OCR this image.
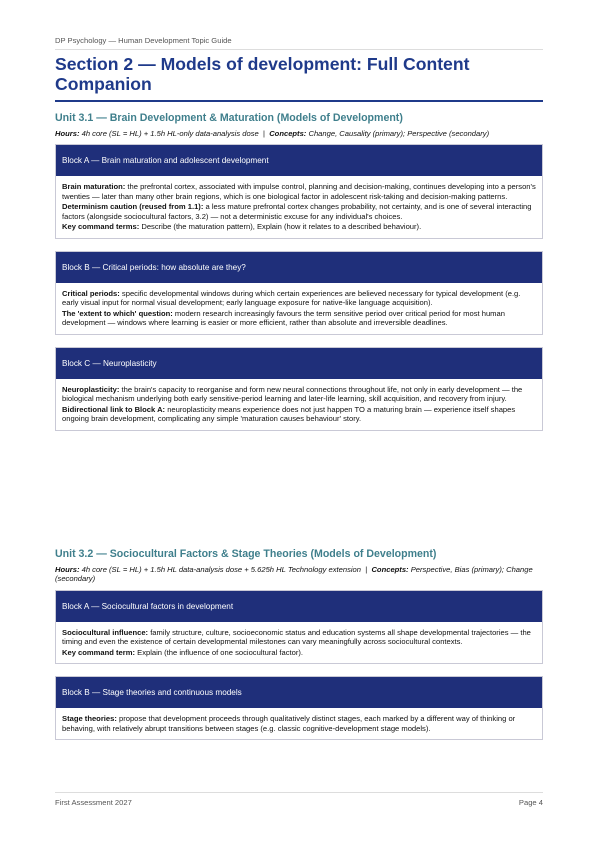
DP Psychology — Human Development Topic Guide
Section 2 — Models of development: Full Content Companion
Unit 3.1 — Brain Development & Maturation (Models of Development)

Hours: 4h core (SL = HL) + 1.5h HL-only data-analysis dose | Concepts: Change, Causality (primary); Perspective (secondary)

Block A — Brain maturation and adolescent development

Brain maturation: the prefrontal cortex, associated with impulse control, planning and decision-making, continues developing into a person's twenties — later than many other brain regions, which is one biological factor in adolescent risk-taking and decision-making patterns.

Determinism caution (reused from 1.1): a less mature prefrontal cortex changes probability, not certainty, and is one of several interacting factors (alongside sociocultural factors, 3.2) — not a deterministic excuse for any individual's choices.

Key command terms: Describe (the maturation pattern), Explain (how it relates to a described behaviour).

Block B — Critical periods: how absolute are they?

Critical periods: specific developmental windows during which certain experiences are believed necessary for typical development (e.g. early visual input for normal visual development; early language exposure for native-like language acquisition).

The 'extent to which' question: modern research increasingly favours the term sensitive period over critical period for most human development — windows where learning is easier or more efficient, rather than absolute and irreversible deadlines.

Block C — Neuroplasticity

Neuroplasticity: the brain's capacity to reorganise and form new neural connections throughout life, not only in early development — the biological mechanism underlying both early sensitive-period learning and later-life learning, skill acquisition, and recovery from injury.

Bidirectional link to Block A: neuroplasticity means experience does not just happen TO a maturing brain — experience itself shapes ongoing brain development, complicating any simple 'maturation causes behaviour' story.

Unit 3.2 — Sociocultural Factors & Stage Theories (Models of Development)

Hours: 4h core (SL = HL) + 1.5h HL data-analysis dose + 5.625h HL Technology extension | Concepts: Perspective, Bias (primary); Change (secondary)

Block A — Sociocultural factors in development

Sociocultural influence: family structure, culture, socioeconomic status and education systems all shape developmental trajectories — the timing and even the existence of certain developmental milestones can vary meaningfully across sociocultural contexts.

Key command term: Explain (the influence of one sociocultural factor).

Block B — Stage theories and continuous models

Stage theories: propose that development proceeds through qualitatively distinct stages, each marked by a different way of thinking or behaving, with relatively abrupt transitions between stages (e.g. classic cognitive-development stage models).

First Assessment 2027	Page 4
